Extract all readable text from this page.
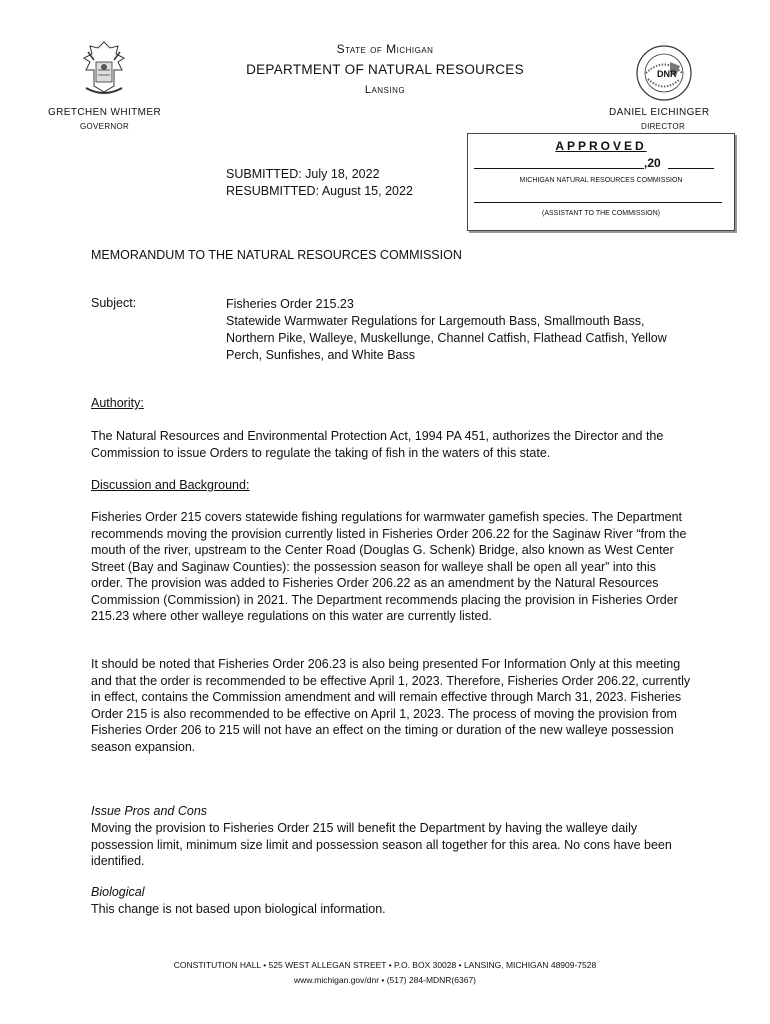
DNR
State of Michigan
DEPARTMENT OF NATURAL RESOURCES
Lansing
GRETCHEN WHITMER
GOVERNOR
DANIEL EICHINGER
DIRECTOR
APPROVED
,20
MICHIGAN NATURAL RESOURCES COMMISSION
(ASSISTANT TO THE COMMISSION)
SUBMITTED: July 18, 2022
RESUBMITTED: August 15, 2022
MEMORANDUM TO THE NATURAL RESOURCES COMMISSION
Subject:	Fisheries Order 215.23
Statewide Warmwater Regulations for Largemouth Bass, Smallmouth Bass, Northern Pike, Walleye, Muskellunge, Channel Catfish, Flathead Catfish, Yellow Perch, Sunfishes, and White Bass
Authority:
The Natural Resources and Environmental Protection Act, 1994 PA 451, authorizes the Director and the Commission to issue Orders to regulate the taking of fish in the waters of this state.
Discussion and Background:
Fisheries Order 215 covers statewide fishing regulations for warmwater gamefish species. The Department recommends moving the provision currently listed in Fisheries Order 206.22 for the Saginaw River “from the mouth of the river, upstream to the Center Road (Douglas G. Schenk) Bridge, also known as West Center Street (Bay and Saginaw Counties): the possession season for walleye shall be open all year” into this order. The provision was added to Fisheries Order 206.22 as an amendment by the Natural Resources Commission (Commission) in 2021. The Department recommends placing the provision in Fisheries Order 215.23 where other walleye regulations on this water are currently listed.
It should be noted that Fisheries Order 206.23 is also being presented For Information Only at this meeting and that the order is recommended to be effective April 1, 2023. Therefore, Fisheries Order 206.22, currently in effect, contains the Commission amendment and will remain effective through March 31, 2023. Fisheries Order 215 is also recommended to be effective on April 1, 2023. The process of moving the provision from Fisheries Order 206 to 215 will not have an effect on the timing or duration of the new walleye possession season expansion.
Issue Pros and Cons
Moving the provision to Fisheries Order 215 will benefit the Department by having the walleye daily possession limit, minimum size limit and possession season all together for this area. No cons have been identified.
Biological
This change is not based upon biological information.
CONSTITUTION HALL • 525 WEST ALLEGAN STREET • P.O. BOX 30028 • LANSING, MICHIGAN 48909-7528
www.michigan.gov/dnr • (517) 284-MDNR(6367)
